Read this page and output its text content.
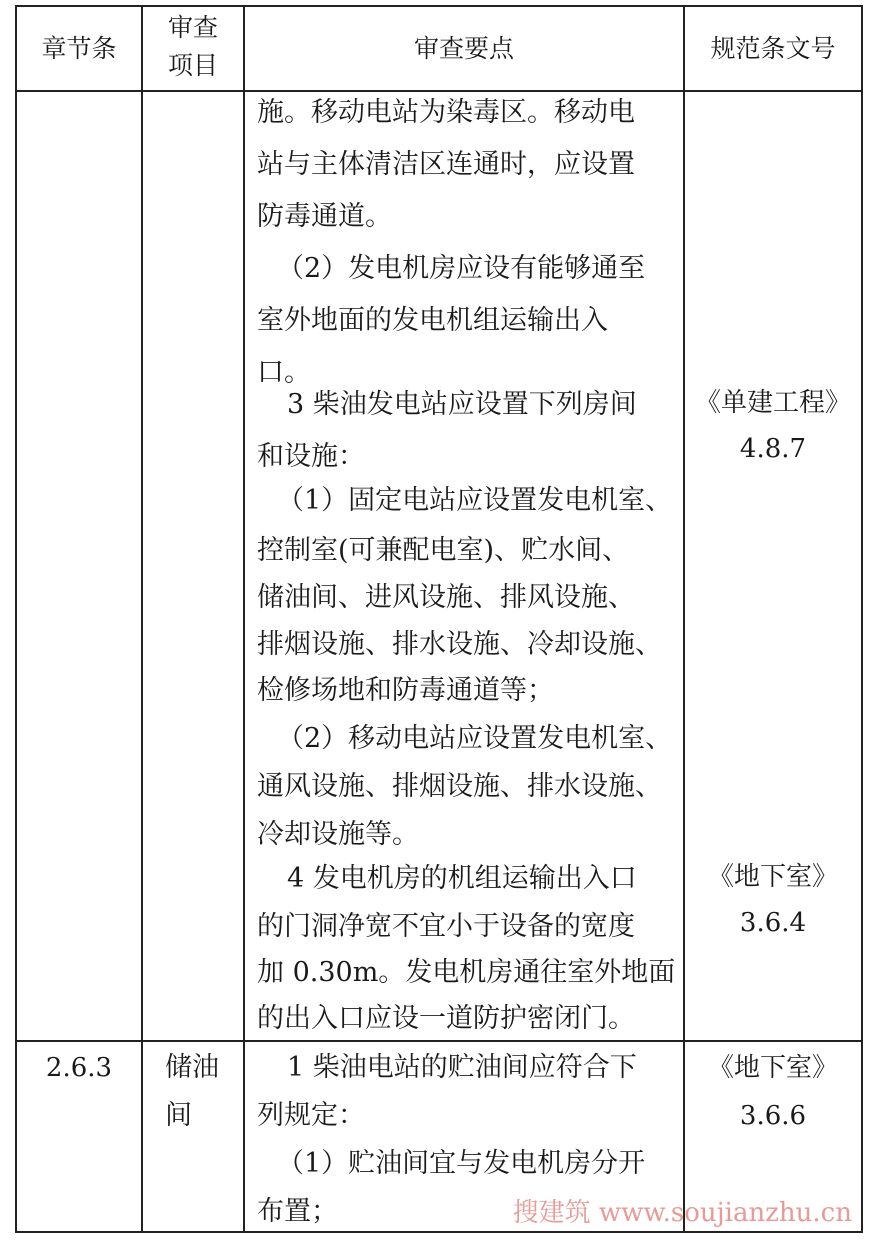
章节条
审查
项目
审查要点	规范条文号
施。移动电站为染毒区。移动电
站与主体清洁区连通时，应设置
防毒通道。
（2）发电机房应设有能够通至
室外地面的发电机组运输出入
口。
3 柴油发电站应设置下列房间
和设施：
（1）固定电站应设置发电机室、
控制室(可兼配电室)、贮水间、
储油间、进风设施、排风设施、
排烟设施、排水设施、冷却设施、
检修场地和防毒通道等；
（2）移动电站应设置发电机室、
通风设施、排烟设施、排水设施、
冷却设施等。
4 发电机房的机组运输出入口
的门洞净宽不宜小于设备的宽度
加 0.30m。发电机房通往室外地面
的出入口应设一道防护密闭门。
《单建工程》
4.8.7
《地下室》
3.6.4
2.6.3	储油
间
1 柴油电站的贮油间应符合下
列规定：
（1）贮油间宜与发电机房分开
布置；
《地下室》
3.6.6
搜建筑 www.soujianzhu.cn
